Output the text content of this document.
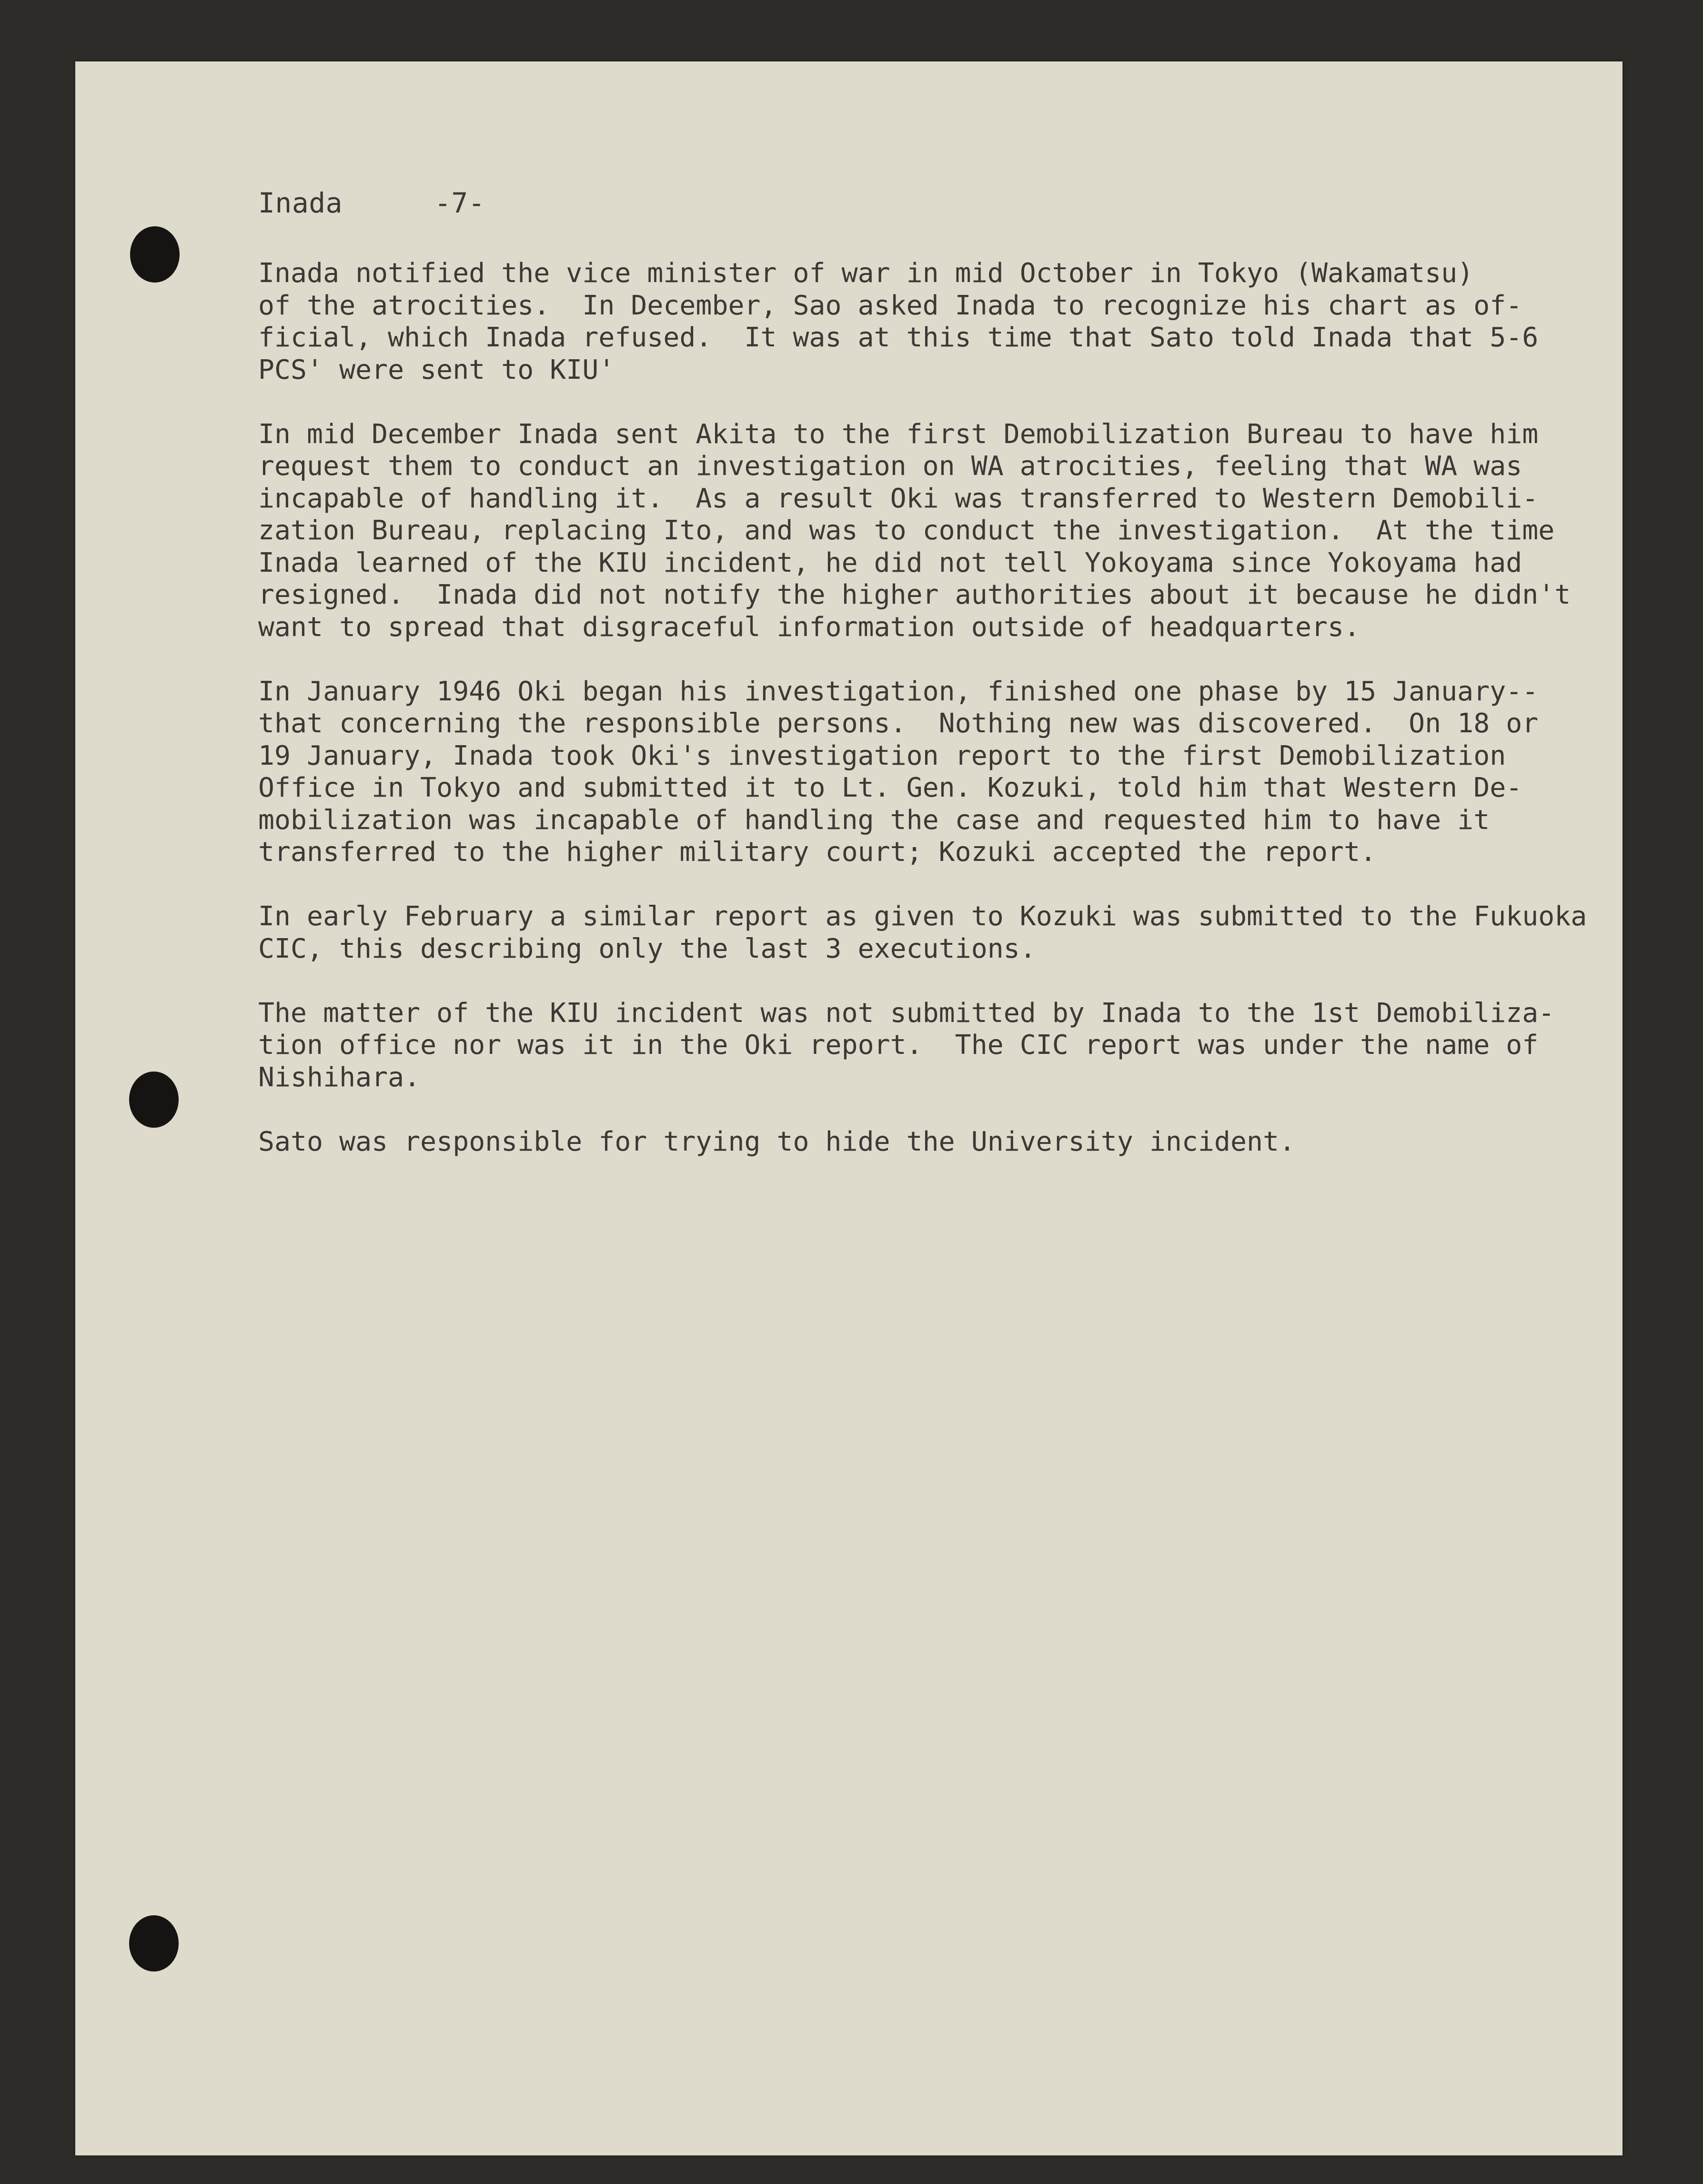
Inada	-7-
Inada notified the vice minister of war in mid October in Tokyo (Wakamatsu)
of the atrocities.  In December, Sao asked Inada to recognize his chart as of-
ficial, which Inada refused.  It was at this time that Sato told Inada that 5-6
PCS' were sent to KIU'
In mid December Inada sent Akita to the first Demobilization Bureau to have him
request them to conduct an investigation on WA atrocities, feeling that WA was
incapable of handling it.  As a result Oki was transferred to Western Demobili-
zation Bureau, replacing Ito, and was to conduct the investigation.  At the time
Inada learned of the KIU incident, he did not tell Yokoyama since Yokoyama had
resigned.  Inada did not notify the higher authorities about it because he didn't
want to spread that disgraceful information outside of headquarters.
In January 1946 Oki began his investigation, finished one phase by 15 January--
that concerning the responsible persons.  Nothing new was discovered.  On 18 or
19 January, Inada took Oki's investigation report to the first Demobilization
Office in Tokyo and submitted it to Lt. Gen. Kozuki, told him that Western De-
mobilization was incapable of handling the case and requested him to have it
transferred to the higher military court; Kozuki accepted the report.
In early February a similar report as given to Kozuki was submitted to the Fukuoka
CIC, this describing only the last 3 executions.
The matter of the KIU incident was not submitted by Inada to the 1st Demobiliza-
tion office nor was it in the Oki report.  The CIC report was under the name of
Nishihara.
Sato was responsible for trying to hide the University incident.
